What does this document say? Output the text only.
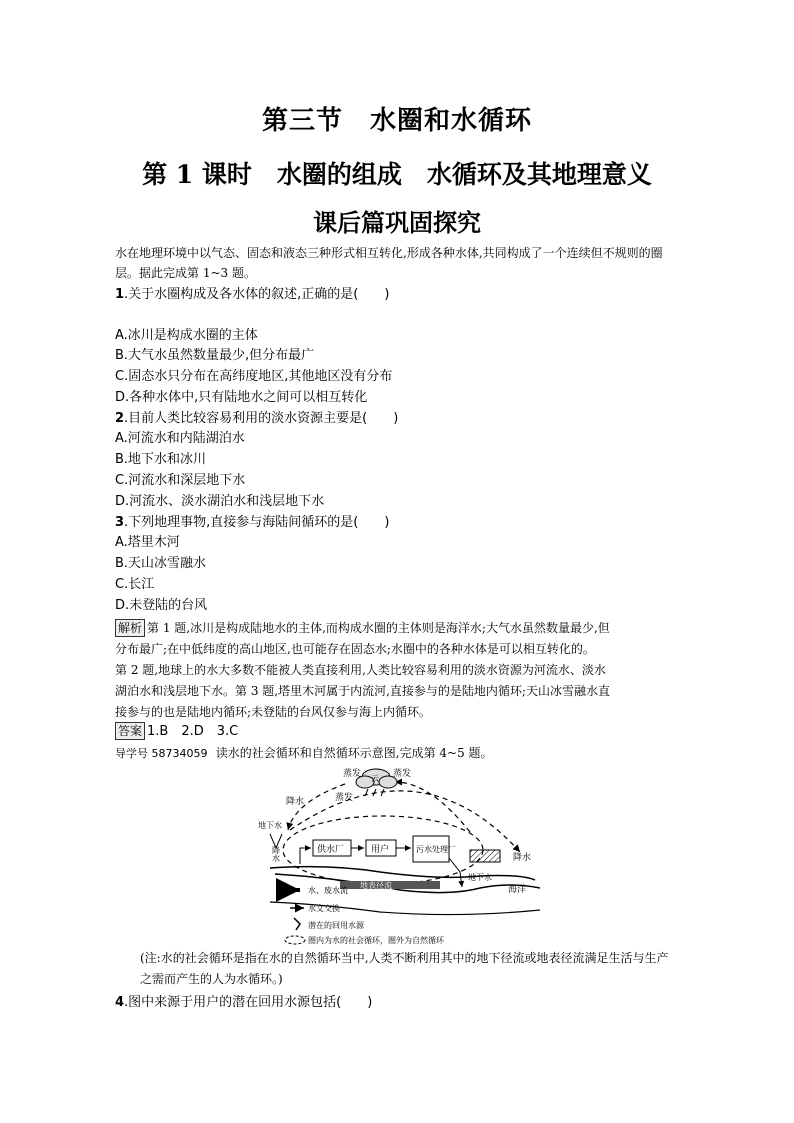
第三节　水圈和水循环
第 1 课时　水圈的组成　水循环及其地理意义
课后篇巩固探究
水在地理环境中以气态、固态和液态三种形式相互转化,形成各种水体,共同构成了一个连续但不规则的圈层。据此完成第 1~3 题。
1.关于水圈构成及各水体的叙述,正确的是(　　)
A.冰川是构成水圈的主体
B.大气水虽然数量最少,但分布最广
C.固态水只分布在高纬度地区,其他地区没有分布
D.各种水体中,只有陆地水之间可以相互转化
2.目前人类比较容易利用的淡水资源主要是(　　)
A.河流水和内陆湖泊水
B.地下水和冰川
C.河流水和深层地下水
D.河流水、淡水湖泊水和浅层地下水
3.下列地理事物,直接参与海陆间循环的是(　　)
A.塔里木河
B.天山冰雪融水
C.长江
D.未登陆的台风
解析 第 1 题,冰川是构成陆地水的主体,而构成水圈的主体则是海洋水;大气水虽然数量最少,但
分布最广;在中低纬度的高山地区,也可能存在固态水;水圈中的各种水体是可以相互转化的。
第 2 题,地球上的水大多数不能被人类直接利用,人类比较容易利用的淡水资源为河流水、淡水
湖泊水和浅层地下水。第 3 题,塔里木河属于内流河,直接参与的是陆地内循环;天山冰雪融水直
接参与的也是陆地内循环;未登陆的台风仅参与海上内循环。
答案 1.B　2.D　3.C
导学号 58734059 读水的社会循环和自然循环示意图,完成第 4~5 题。
云
蒸发	蒸发
蒸发
降水
供水厂	用户	污水处理厂
地下水
降水
地下水
降水
地表径流	海洋
水、废水流
水文交换
潜在的回用水源
圈内为水的社会循环，圈外为自然循环
(注:水的社会循环是指在水的自然循环当中,人类不断利用其中的地下径流或地表径流满足生活与生产之需而产生的人为水循环。)
4.图中来源于用户的潜在回用水源包括(　　)
